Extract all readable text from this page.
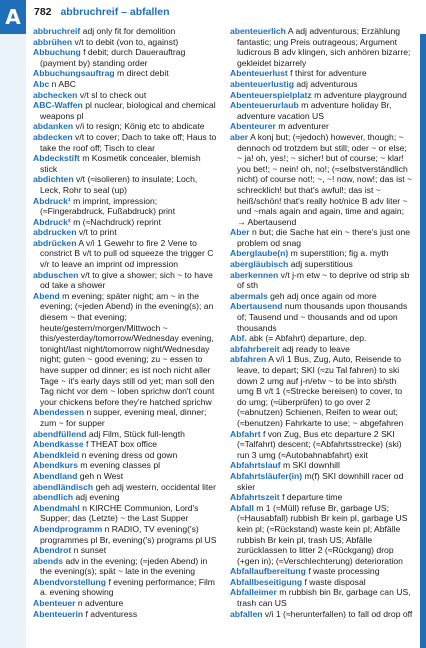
A 782 abbruchreif – abfallen

abbruchreif adj only fit for demolition

abbrühen v/t to debit (von to, against)

Abbuchung f debit; durch Dauerauftrag (payment by) standing order

Abbuchungsauftrag m direct debit

Abc n ABC

abchecken v/t sl to check out

ABC-Waffen pl nuclear, biological and chemical weapons pl

abdanken v/i to resign; König etc to abdicate

abdecken v/t to cover; Dach to take off; Haus to take the roof off; Tisch to clear

Abdeckstift m Kosmetik concealer, blemish stick

abdichten v/t (≈isolieren) to insulate; Loch, Leck, Rohr to seal (up)

Abdruck¹ m imprint, impression; (≈Fingerabdruck, Fußabdruck) print

Abdruck² m (≈Nachdruck) reprint

abdrucken v/t to print

abdrücken A v/i 1 Gewehr to fire 2 Vene to constrict B v/t to pull od squeeze the trigger C v/r to leave an imprint od impression

abduschen v/t to give a shower; sich ~ to have od take a shower

Abend m evening; später night; am ~ in the evening; (≈jeden Abend) in the evening(s); an diesem ~ that evening; heute/gestern/morgen/Mittwoch ~ this/yesterday/tomorrow/Wednesday evening, tonight/last night/tomorrow night/Wednesday night; guten ~ good evening; zu ~ essen to have supper od dinner; es ist noch nicht aller Tage ~ it's early days still od yet; man soll den Tag nicht vor dem ~ loben sprichw don't count your chickens before they're hatched sprichw

Abendessen n supper, evening meal, dinner; zum ~ for supper

abendfüllend adj Film, Stück full-length

Abendkasse f THEAT box office

Abendkleid n evening dress od gown

Abendkurs m evening classes pl

Abendland geh n West

abendländisch geh adj western, occidental liter

abendlich adj evening

Abendmahl n KIRCHE Communion, Lord's Supper; das (Letzte) ~ the Last Supper

Abendprogramm n RADIO, TV evening('s) programmes pl Br, evening('s) programs pl US

Abendrot n sunset

abends adv in the evening; (≈jeden Abend) in the evening(s); spät ~ late in the evening

Abendvorstellung f evening performance; Film a. evening showing

Abenteuer n adventure

Abenteuerin f adventuress

abenteuerlich A adj adventurous; Erzählung fantastic; ung Preis outrageous; Argument ludicrous B adv klingen, sich anhören bizarre; gekleidet bizarrely

Abenteuerlust f thirst for adventure

abenteuerlustig adj adventurous

Abenteuerspielplatz m adventure playground

Abenteuerurlaub m adventure holiday Br, adventure vacation US

Abenteurer m adventurer

aber A konj but; (≈jedoch) however, though; ~ dennoch od trotzdem but still; oder ~ or else; ~ ja! oh, yes!; ~ sicher! but of course; ~ klar! you bet!; ~ nein! oh, no!; (≈selbstverständlich nicht) of course not!; ~, ~! now, now!; das ist ~ schrecklich! but that's awful!; das ist ~ heiß/schön! that's really hot/nice B adv liter ~ und ~mals again and again, time and again; → Abertausend

Aber n but; die Sache hat ein ~ there's just one problem od snag

Aberglaube(n) m superstition; fig a. myth

abergläubisch adj superstitious

aberkennen v/t j-m etw ~ to deprive od strip sb of sth

abermals geh adj once again od more

Abertausend num thousands upon thousands of; Tausend und ~ thousands and od upon thousands

Abf. abk (= Abfahrt) departure, dep.

abfahrbereit adj ready to leave

abfahren A v/i 1 Bus, Zug, Auto, Reisende to leave, to depart; SKI (≈zu Tal fahren) to ski down 2 umg auf j-n/etw ~ to be into sb/sth umg B v/t 1 (≈Strecke bereisen) to cover, to do umg; (≈überprüfen) to go over 2 (≈abnutzen) Schienen, Reifen to wear out; (≈benutzen) Fahrkarte to use; ~ abgefahren

Abfahrt f von Zug, Bus etc departure 2 SKI (≈Talfahrt) descent; (≈Abfahrtsstrecke) (ski) run 3 umg (≈Autobahnabfahrt) exit

Abfahrtslauf m SKI downhill

Abfahrtsläufer(in) m(f) SKI downhill racer od skier

Abfahrtszeit f departure time

Abfall m 1 (≈Müll) refuse Br, garbage US; (≈Hausabfall) rubbish Br kein pl, garbage US kein pl; (≈Rückstand) waste kein pl; Abfälle rubbish Br kein pl, trash US; Abfälle zurücklassen to litter 2 (≈Rückgang) drop (+gen in); (≈Verschlechterung) deterioration

Abfallaufbereitung f waste processing

Abfallbeseitigung f waste disposal

Abfalleimer m rubbish bin Br, garbage can US, trash can US

abfallen v/i 1 (≈herunterfallen) to fall od drop off
